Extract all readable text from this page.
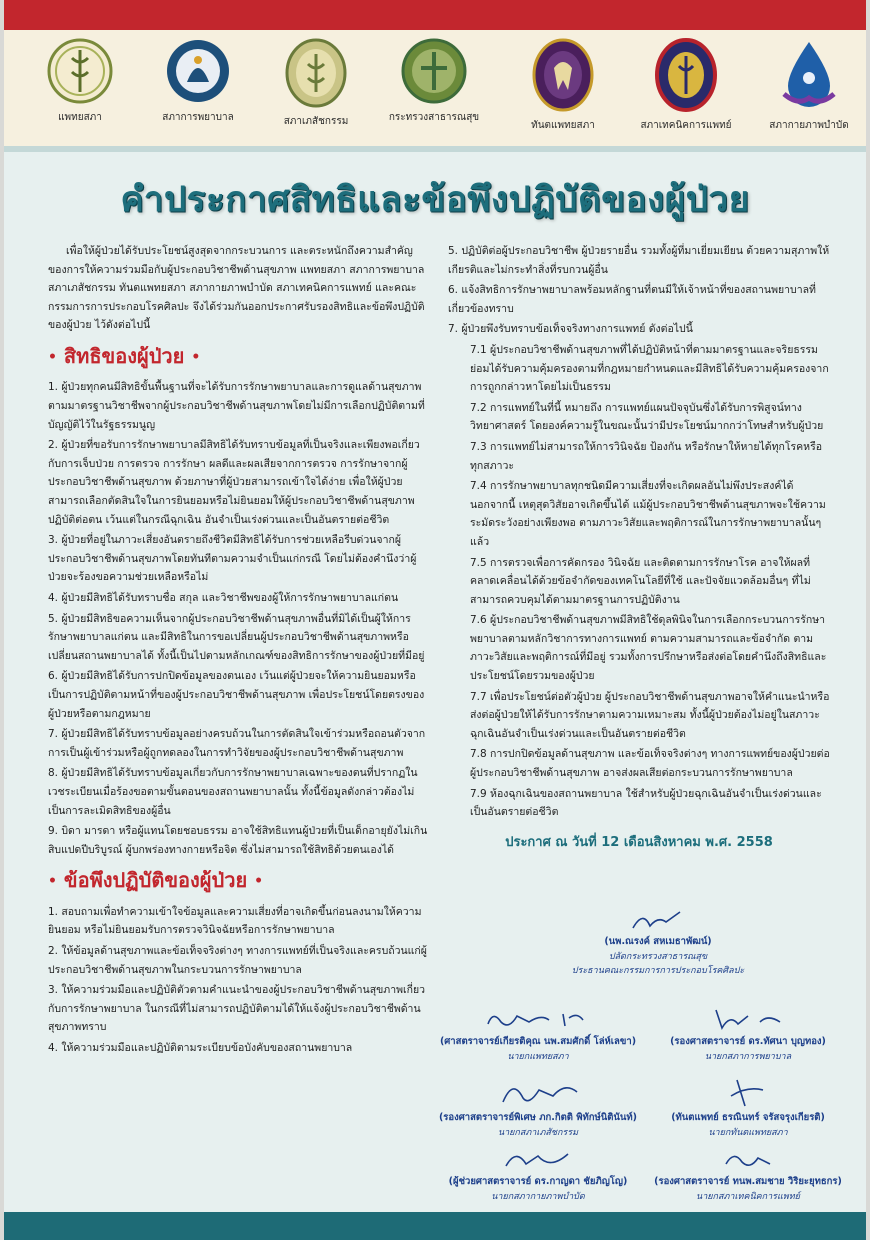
แพทยสภา	สภาการพยาบาล	สภาเภสัชกรรม	กระทรวงสาธารณสุข
ทันตแพทยสภา	สภาเทคนิคการแพทย์	สภากายภาพบำบัด
คำประกาศสิทธิและข้อพึงปฏิบัติของผู้ป่วย

เพื่อให้ผู้ป่วยได้รับประโยชน์สูงสุดจากกระบวนการ และตระหนักถึงความสำคัญของการให้ความร่วมมือกับผู้ประกอบวิชาชีพด้านสุขภาพ แพทยสภา สภาการพยาบาล สภาเภสัชกรรม ทันตแพทยสภา สภากายภาพบำบัด สภาเทคนิคการแพทย์ และคณะกรรมการการประกอบโรคศิลปะ จึงได้ร่วมกันออกประกาศรับรองสิทธิและข้อพึงปฏิบัติของผู้ป่วย ไว้ดังต่อไปนี้

• สิทธิของผู้ป่วย •

1. ผู้ป่วยทุกคนมีสิทธิขั้นพื้นฐานที่จะได้รับการรักษาพยาบาลและการดูแลด้านสุขภาพตามมาตรฐานวิชาชีพจากผู้ประกอบวิชาชีพด้านสุขภาพโดยไม่มีการเลือกปฏิบัติตามที่บัญญัติไว้ในรัฐธรรมนูญ

2. ผู้ป่วยที่ขอรับการรักษาพยาบาลมีสิทธิได้รับทราบข้อมูลที่เป็นจริงและเพียงพอเกี่ยวกับการเจ็บป่วย การตรวจ การรักษา ผลดีและผลเสียจากการตรวจ การรักษาจากผู้ประกอบวิชาชีพด้านสุขภาพ ด้วยภาษาที่ผู้ป่วยสามารถเข้าใจได้ง่าย เพื่อให้ผู้ป่วยสามารถเลือกตัดสินใจในการยินยอมหรือไม่ยินยอมให้ผู้ประกอบวิชาชีพด้านสุขภาพปฏิบัติต่อตน เว้นแต่ในกรณีฉุกเฉิน อันจำเป็นเร่งด่วนและเป็นอันตรายต่อชีวิต

3. ผู้ป่วยที่อยู่ในภาวะเสี่ยงอันตรายถึงชีวิตมีสิทธิได้รับการช่วยเหลือรีบด่วนจากผู้ประกอบวิชาชีพด้านสุขภาพโดยทันทีตามความจำเป็นแก่กรณี โดยไม่ต้องคำนึงว่าผู้ป่วยจะร้องขอความช่วยเหลือหรือไม่

4. ผู้ป่วยมีสิทธิได้รับทราบชื่อ สกุล และวิชาชีพของผู้ให้การรักษาพยาบาลแก่ตน

5. ผู้ป่วยมีสิทธิขอความเห็นจากผู้ประกอบวิชาชีพด้านสุขภาพอื่นที่มิได้เป็นผู้ให้การรักษาพยาบาลแก่ตน และมีสิทธิในการขอเปลี่ยนผู้ประกอบวิชาชีพด้านสุขภาพหรือเปลี่ยนสถานพยาบาลได้ ทั้งนี้เป็นไปตามหลักเกณฑ์ของสิทธิการรักษาของผู้ป่วยที่มีอยู่

6. ผู้ป่วยมีสิทธิได้รับการปกปิดข้อมูลของตนเอง เว้นแต่ผู้ป่วยจะให้ความยินยอมหรือเป็นการปฏิบัติตามหน้าที่ของผู้ประกอบวิชาชีพด้านสุขภาพ เพื่อประโยชน์โดยตรงของผู้ป่วยหรือตามกฎหมาย

7. ผู้ป่วยมีสิทธิได้รับทราบข้อมูลอย่างครบถ้วนในการตัดสินใจเข้าร่วมหรือถอนตัวจากการเป็นผู้เข้าร่วมหรือผู้ถูกทดลองในการทำวิจัยของผู้ประกอบวิชาชีพด้านสุขภาพ

8. ผู้ป่วยมีสิทธิได้รับทราบข้อมูลเกี่ยวกับการรักษาพยาบาลเฉพาะของตนที่ปรากฏในเวชระเบียนเมื่อร้องขอตามขั้นตอนของสถานพยาบาลนั้น ทั้งนี้ข้อมูลดังกล่าวต้องไม่เป็นการละเมิดสิทธิของผู้อื่น

9. บิดา มารดา หรือผู้แทนโดยชอบธรรม อาจใช้สิทธิแทนผู้ป่วยที่เป็นเด็กอายุยังไม่เกินสิบแปดปีบริบูรณ์ ผู้บกพร่องทางกายหรือจิต ซึ่งไม่สามารถใช้สิทธิด้วยตนเองได้

• ข้อพึงปฏิบัติของผู้ป่วย •

1. สอบถามเพื่อทำความเข้าใจข้อมูลและความเสี่ยงที่อาจเกิดขึ้นก่อนลงนามให้ความยินยอม หรือไม่ยินยอมรับการตรวจวินิจฉัยหรือการรักษาพยาบาล

2. ให้ข้อมูลด้านสุขภาพและข้อเท็จจริงต่างๆ ทางการแพทย์ที่เป็นจริงและครบถ้วนแก่ผู้ประกอบวิชาชีพด้านสุขภาพในกระบวนการรักษาพยาบาล

3. ให้ความร่วมมือและปฏิบัติตัวตามคำแนะนำของผู้ประกอบวิชาชีพด้านสุขภาพเกี่ยวกับการรักษาพยาบาล ในกรณีที่ไม่สามารถปฏิบัติตามได้ให้แจ้งผู้ประกอบวิชาชีพด้านสุขภาพทราบ

4. ให้ความร่วมมือและปฏิบัติตามระเบียบข้อบังคับของสถานพยาบาล

5. ปฏิบัติต่อผู้ประกอบวิชาชีพ ผู้ป่วยรายอื่น รวมทั้งผู้ที่มาเยี่ยมเยียน ด้วยความสุภาพให้เกียรติและไม่กระทำสิ่งที่รบกวนผู้อื่น

6. แจ้งสิทธิการรักษาพยาบาลพร้อมหลักฐานที่ตนมีให้เจ้าหน้าที่ของสถานพยาบาลที่เกี่ยวข้องทราบ

7. ผู้ป่วยพึงรับทราบข้อเท็จจริงทางการแพทย์ ดังต่อไปนี้

7.1 ผู้ประกอบวิชาชีพด้านสุขภาพที่ได้ปฏิบัติหน้าที่ตามมาตรฐานและจริยธรรม ย่อมได้รับความคุ้มครองตามที่กฎหมายกำหนดและมีสิทธิได้รับความคุ้มครองจากการถูกกล่าวหาโดยไม่เป็นธรรม

7.2 การแพทย์ในที่นี้ หมายถึง การแพทย์แผนปัจจุบันซึ่งได้รับการพิสูจน์ทางวิทยาศาสตร์ โดยองค์ความรู้ในขณะนั้นว่ามีประโยชน์มากกว่าโทษสำหรับผู้ป่วย

7.3 การแพทย์ไม่สามารถให้การวินิจฉัย ป้องกัน หรือรักษาให้หายได้ทุกโรคหรือทุกสภาวะ

7.4 การรักษาพยาบาลทุกชนิดมีความเสี่ยงที่จะเกิดผลอันไม่พึงประสงค์ได้ นอกจากนี้ เหตุสุดวิสัยอาจเกิดขึ้นได้ แม้ผู้ประกอบวิชาชีพด้านสุขภาพจะใช้ความระมัดระวังอย่างเพียงพอ ตามภาวะวิสัยและพฤติการณ์ในการรักษาพยาบาลนั้นๆ แล้ว

7.5 การตรวจเพื่อการคัดกรอง วินิจฉัย และติดตามการรักษาโรค อาจให้ผลที่คลาดเคลื่อนได้ด้วยข้อจำกัดของเทคโนโลยีที่ใช้ และปัจจัยแวดล้อมอื่นๆ ที่ไม่สามารถควบคุมได้ตามมาตรฐานการปฏิบัติงาน

7.6 ผู้ประกอบวิชาชีพด้านสุขภาพมีสิทธิใช้ดุลพินิจในการเลือกกระบวนการรักษาพยาบาลตามหลักวิชาการทางการแพทย์ ตามความสามารถและข้อจำกัด ตามภาวะวิสัยและพฤติการณ์ที่มีอยู่ รวมทั้งการปรึกษาหรือส่งต่อโดยคำนึงถึงสิทธิและประโยชน์โดยรวมของผู้ป่วย

7.7 เพื่อประโยชน์ต่อตัวผู้ป่วย ผู้ประกอบวิชาชีพด้านสุขภาพอาจให้คำแนะนำหรือส่งต่อผู้ป่วยให้ได้รับการรักษาตามความเหมาะสม ทั้งนี้ผู้ป่วยต้องไม่อยู่ในสภาวะฉุกเฉินอันจำเป็นเร่งด่วนและเป็นอันตรายต่อชีวิต

7.8 การปกปิดข้อมูลด้านสุขภาพ และข้อเท็จจริงต่างๆ ทางการแพทย์ของผู้ป่วยต่อผู้ประกอบวิชาชีพด้านสุขภาพ อาจส่งผลเสียต่อกระบวนการรักษาพยาบาล

7.9 ห้องฉุกเฉินของสถานพยาบาล ใช้สำหรับผู้ป่วยฉุกเฉินอันจำเป็นเร่งด่วนและเป็นอันตรายต่อชีวิต

ประกาศ ณ วันที่ 12 เดือนสิงหาคม พ.ศ. 2558
(นพ.ณรงค์ สหเมธาพัฒน์)
ปลัดกระทรวงสาธารณสุข
ประธานคณะกรรมการการประกอบโรคศิลปะ
(ศาสตราจารย์เกียรติคุณ นพ.สมศักดิ์ โล่ห์เลขา)
นายกแพทยสภา
(รองศาสตราจารย์ ดร.ทัศนา บุญทอง)
นายกสภาการพยาบาล
(รองศาสตราจารย์พิเศษ ภก.กิตติ พิทักษ์นิตินันท์)
นายกสภาเภสัชกรรม
(ทันตแพทย์ ธรณินทร์ จรัสจรุงเกียรติ)
นายกทันตแพทยสภา
(ผู้ช่วยศาสตราจารย์ ดร.กาญดา ชัยภิญโญ)
นายกสภากายภาพบำบัด
(รองศาสตราจารย์ ทนพ.สมชาย วิริยะยุทธกร)
นายกสภาเทคนิคการแพทย์
